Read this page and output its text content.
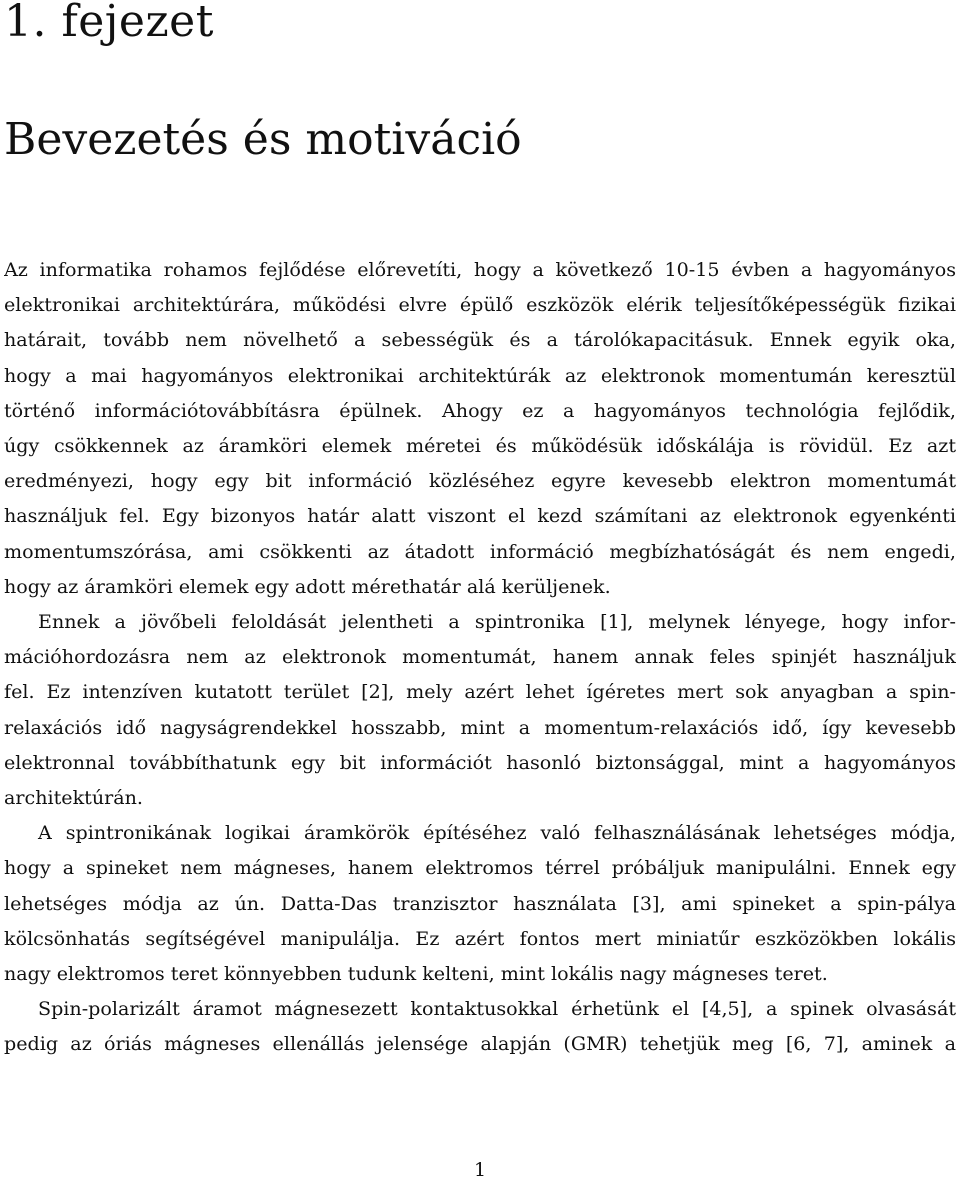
1. fejezet
Bevezetés és motiváció

Az informatika rohamos fejlődése előrevetíti, hogy a következő 10-15 évben a hagyományos
elektronikai architektúrára, működési elvre épülő eszközök elérik teljesítőképességük fizikai
határait, tovább nem növelhető a sebességük és a tárolókapacitásuk. Ennek egyik oka,
hogy a mai hagyományos elektronikai architektúrák az elektronok momentumán keresztül
történő információtovábbításra épülnek. Ahogy ez a hagyományos technológia fejlődik,
úgy csökkennek az áramköri elemek méretei és működésük időskálája is rövidül. Ez azt
eredményezi, hogy egy bit információ közléséhez egyre kevesebb elektron momentumát
használjuk fel. Egy bizonyos határ alatt viszont el kezd számítani az elektronok egyenkénti
momentumszórása, ami csökkenti az átadott információ megbízhatóságát és nem engedi,
hogy az áramköri elemek egy adott mérethatár alá kerüljenek.

Ennek a jövőbeli feloldását jelentheti a spintronika [1], melynek lényege, hogy infor-
mációhordozásra nem az elektronok momentumát, hanem annak feles spinjét használjuk
fel. Ez intenzíven kutatott terület [2], mely azért lehet ígéretes mert sok anyagban a spin-
relaxációs idő nagyságrendekkel hosszabb, mint a momentum-relaxációs idő, így kevesebb
elektronnal továbbíthatunk egy bit információt hasonló biztonsággal, mint a hagyományos
architektúrán.

A spintronikának logikai áramkörök építéséhez való felhasználásának lehetséges módja,
hogy a spineket nem mágneses, hanem elektromos térrel próbáljuk manipulálni. Ennek egy
lehetséges módja az ún. Datta-Das tranzisztor használata [3], ami spineket a spin-pálya
kölcsönhatás segítségével manipulálja. Ez azért fontos mert miniatűr eszközökben lokális
nagy elektromos teret könnyebben tudunk kelteni, mint lokális nagy mágneses teret.

Spin-polarizált áramot mágnesezett kontaktusokkal érhetünk el [4,5], a spinek olvasását
pedig az óriás mágneses ellenállás jelensége alapján (GMR) tehetjük meg [6, 7], aminek a

1
